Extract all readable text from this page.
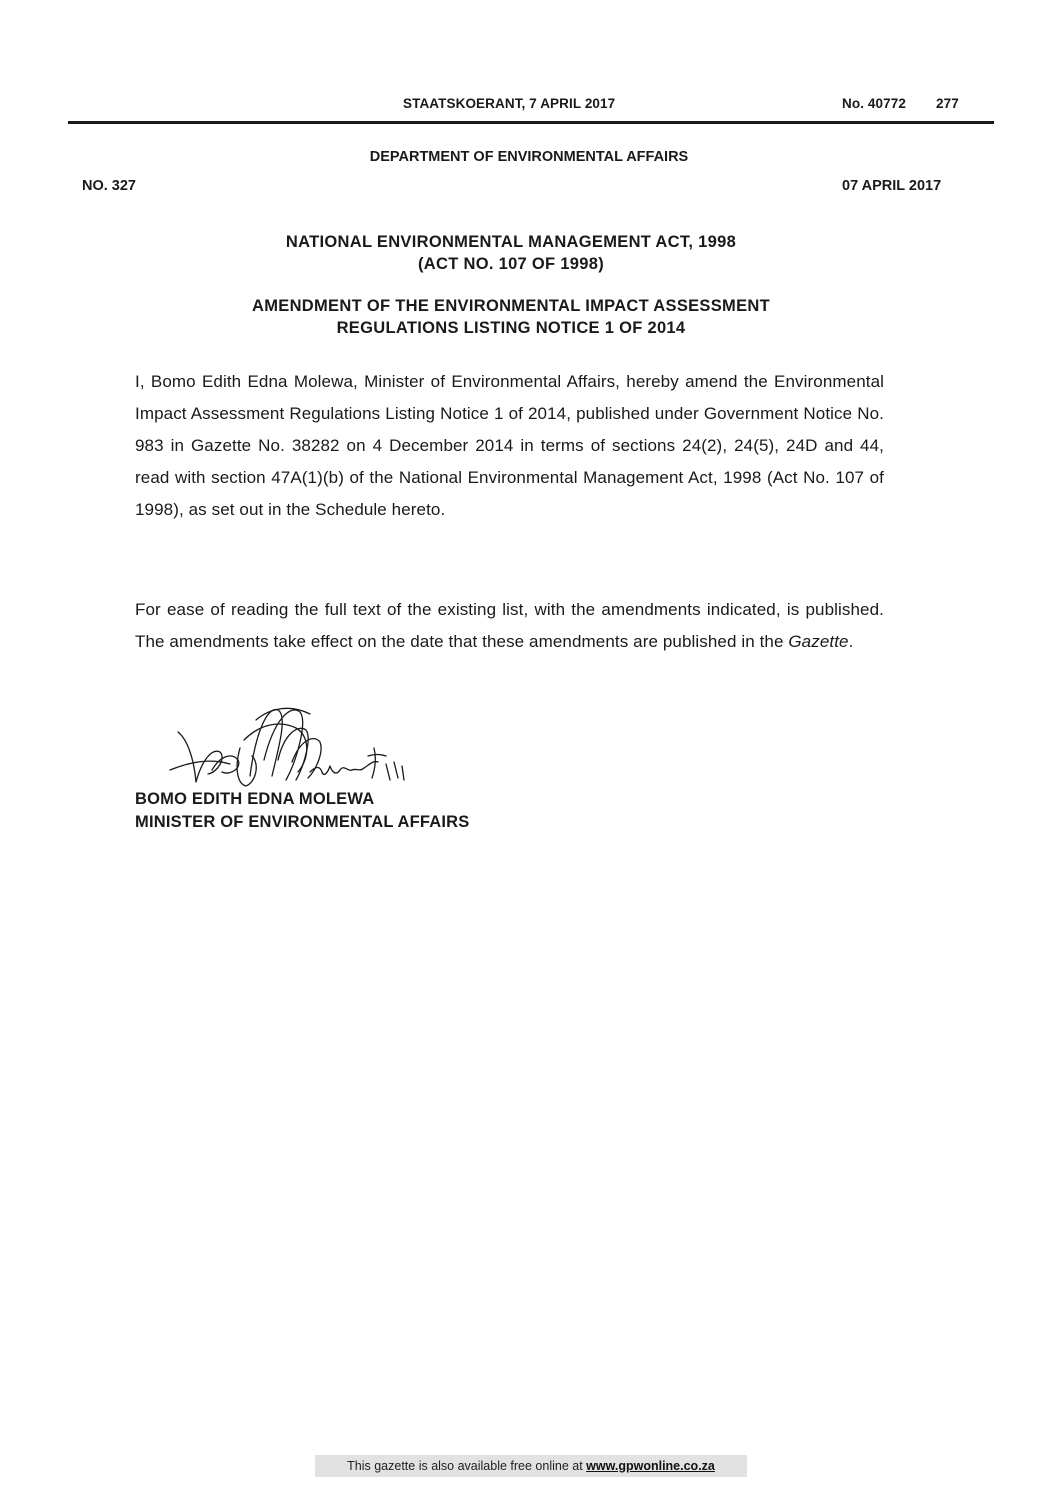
STAATSKOERANT, 7 APRIL 2017	No. 40772 277
DEPARTMENT OF ENVIRONMENTAL AFFAIRS
NO. 327	07 APRIL 2017
NATIONAL ENVIRONMENTAL MANAGEMENT ACT, 1998
(ACT NO. 107 OF 1998)
AMENDMENT OF THE ENVIRONMENTAL IMPACT ASSESSMENT
REGULATIONS LISTING NOTICE 1 OF 2014
I, Bomo Edith Edna Molewa, Minister of Environmental Affairs, hereby amend the Environmental Impact Assessment Regulations Listing Notice 1 of 2014, published under Government Notice No. 983 in Gazette No. 38282 on 4 December 2014 in terms of sections 24(2), 24(5), 24D and 44, read with section 47A(1)(b) of the National Environmental Management Act, 1998 (Act No. 107 of 1998), as set out in the Schedule hereto.
For ease of reading the full text of the existing list, with the amendments indicated, is published. The amendments take effect on the date that these amendments are published in the Gazette.
BOMO EDITH EDNA MOLEWA
MINISTER OF ENVIRONMENTAL AFFAIRS
This gazette is also available free online at www.gpwonline.co.za
